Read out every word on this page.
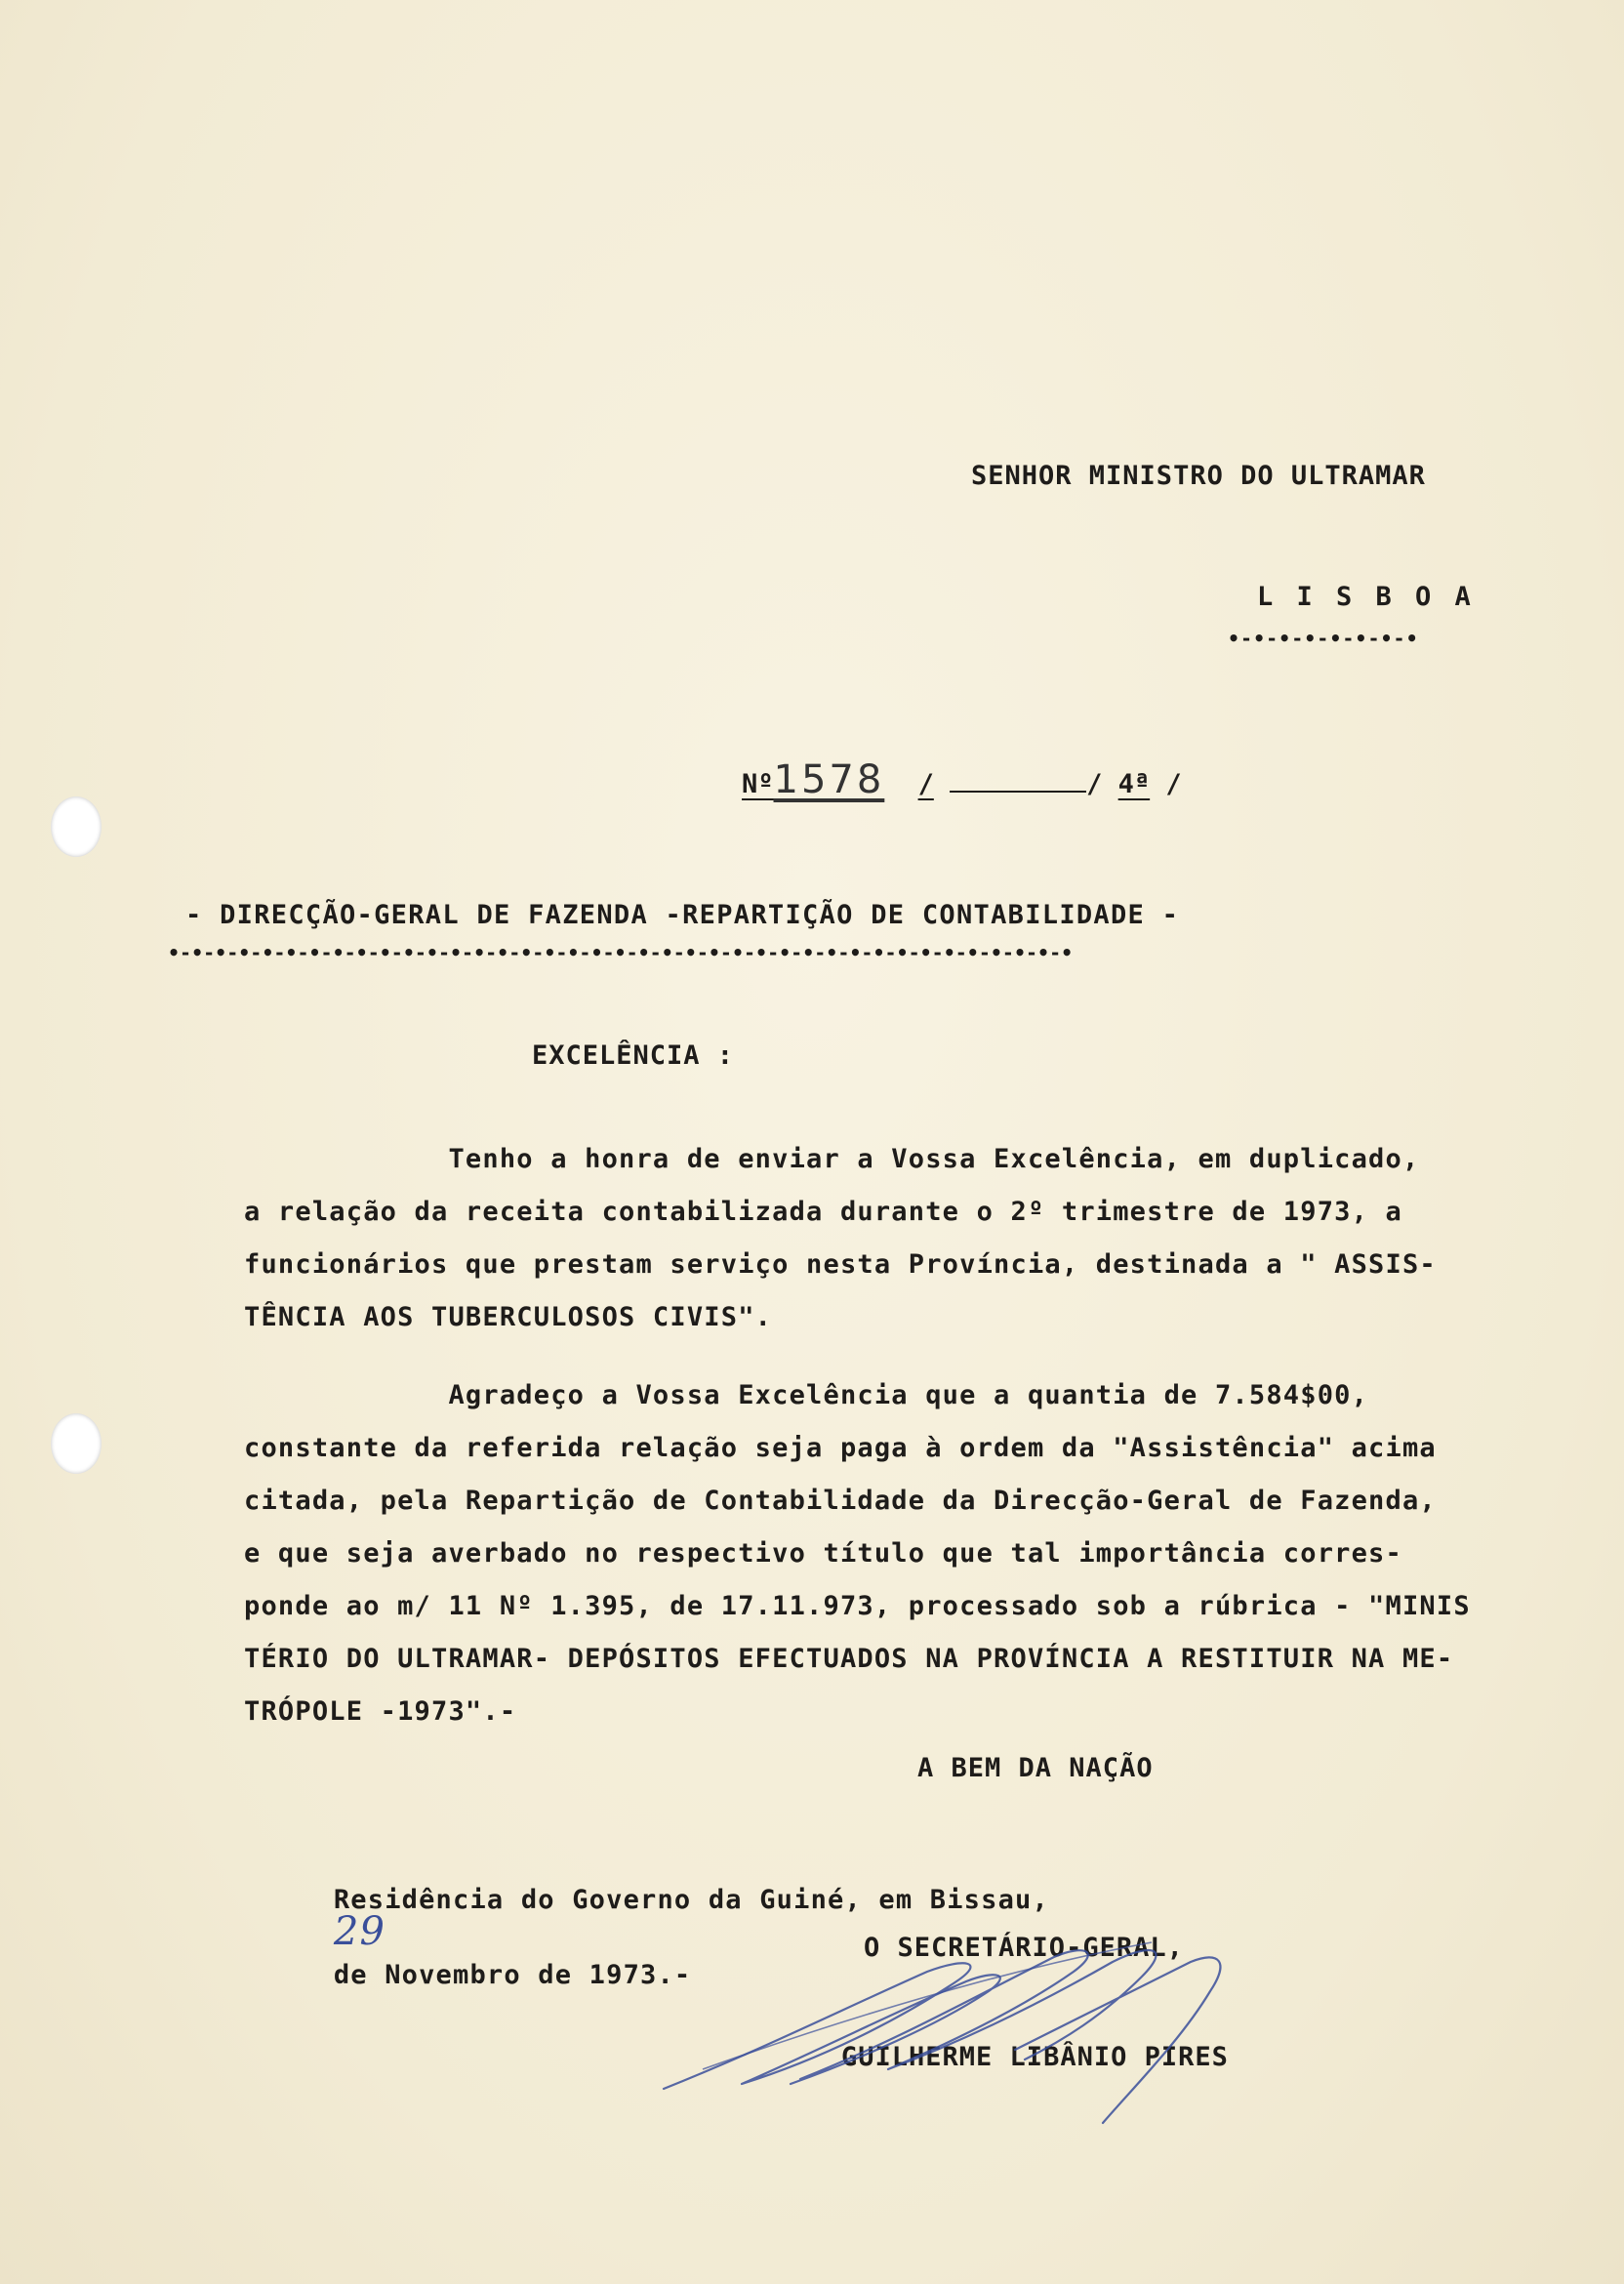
SENHOR MINISTRO DO ULTRAMAR

L I S B O A

•-•-•-•-•-•-•-•

Nº1578 /	/ 4ª /

- DIRECÇÃO-GERAL DE FAZENDA -REPARTIÇÃO DE CONTABILIDADE -

•-•-•-•-•-•-•-•-•-•-•-•-•-•-•-•-•-•-•-•-•-•-•-•-•-•-•-•-•-•-•-•-•-•-•-•-•-•-•

EXCELÊNCIA :

Tenho a honra de enviar a Vossa Excelência, em duplicado,

a relação da receita contabilizada durante o 2º trimestre de 1973, a

funcionários que prestam serviço nesta Província, destinada a " ASSIS-

TÊNCIA AOS TUBERCULOSOS CIVIS".

Agradeço a Vossa Excelência que a quantia de 7.584$00,

constante da referida relação seja paga à ordem da "Assistência" acima

citada, pela Repartição de Contabilidade da Direcção-Geral de Fazenda,

e que seja averbado no respectivo título que tal importância corres-

ponde ao m/ 11 Nº 1.395, de 17.11.973, processado sob a rúbrica - "MINIS

TÉRIO DO ULTRAMAR- DEPÓSITOS EFECTUADOS NA PROVÍNCIA A RESTITUIR NA ME-

TRÓPOLE -1973".-

A BEM DA NAÇÃO

Residência do Governo da Guiné, em Bissau,
29
de Novembro de 1973.-

O SECRETÁRIO-GERAL,

GUILHERME LIBÂNIO PIRES
